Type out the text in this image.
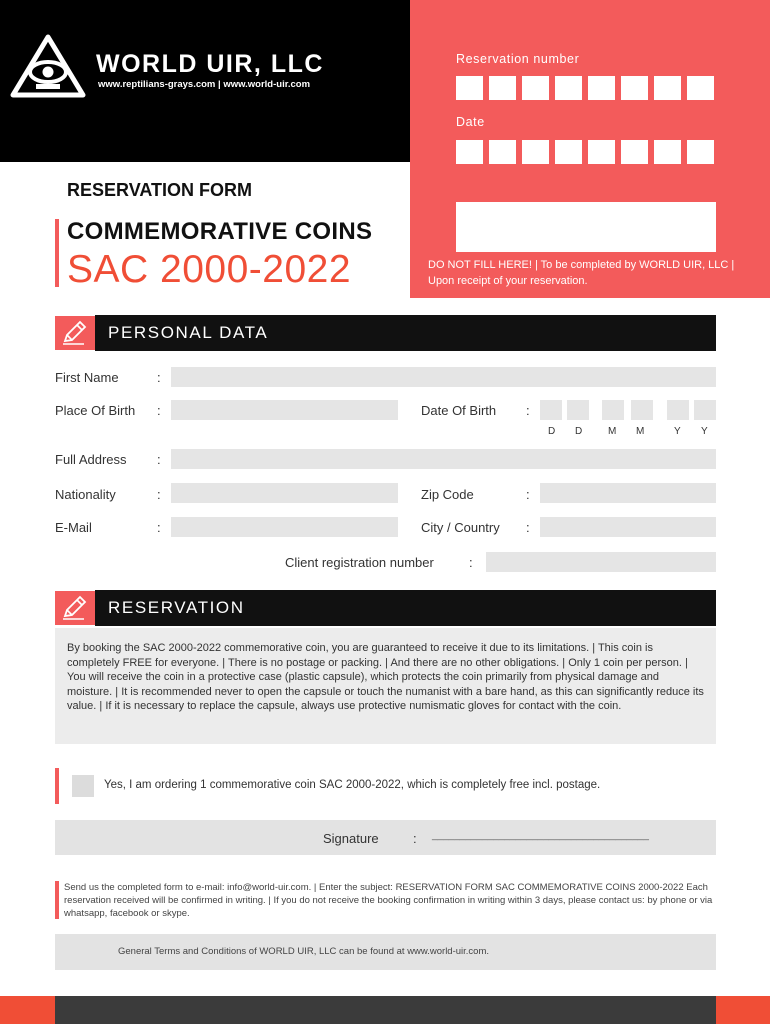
WORLD UIR, LLC
www.reptilians-grays.com | www.world-uir.com
Reservation number
Date
DO NOT FILL HERE! | To be completed by WORLD UIR, LLC | Upon receipt of your reservation.
RESERVATION FORM
COMMEMORATIVE COINS
SAC 2000-2022
PERSONAL DATA
First Name	:
Place Of Birth :	Date Of Birth :
D D	M M	Y Y
Full Address :
Nationality	:	Zip Code	:
E-Mail	:	City / Country :
Client registration number	:
RESERVATION
By booking the SAC 2000-2022 commemorative coin, you are guaranteed to receive it due to its limitations. | This coin is completely FREE for everyone. | There is no postage or packing. | And there are no other obligations. | Only 1 coin per person. | You will receive the coin in a protective case (plastic capsule), which protects the coin primarily from physical damage and moisture. | It is recommended never to open the capsule or touch the numanist with a bare hand, as this can significantly reduce its value. | If it is necessary to replace the capsule, always use protective numismatic gloves for contact with the coin.
Yes, I am ordering 1 commemorative coin SAC 2000-2022, which is completely free incl. postage.
Signature	: _______________________________________
Send us the completed form to e-mail: info@world-uir.com. | Enter the subject: RESERVATION FORM SAC COMMEMORATIVE COINS 2000-2022 Each reservation received will be confirmed in writing. | If you do not receive the booking confirmation in writing within 3 days, please contact us: by phone or via whatsapp, facebook or skype.
General Terms and Conditions of WORLD UIR, LLC can be found at www.world-uir.com.
